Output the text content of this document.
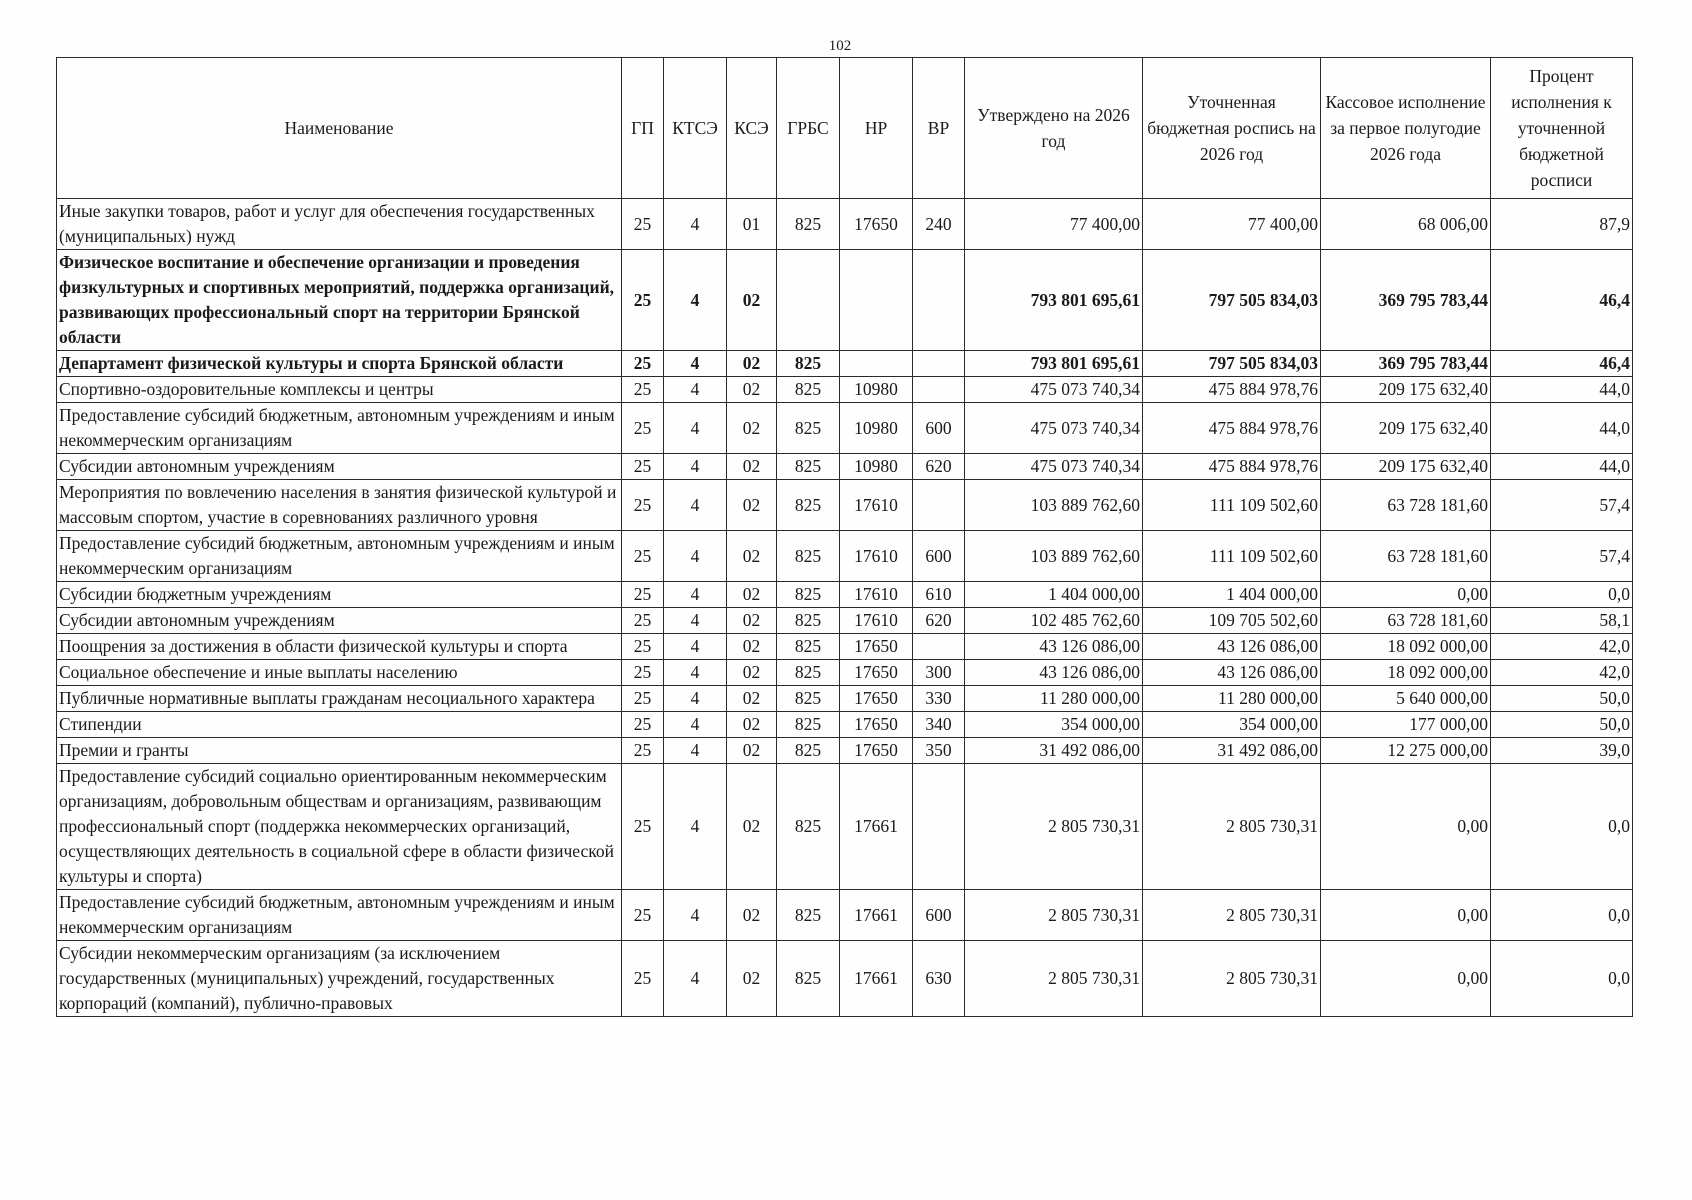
102
Наименование	ГП	КТСЭ	КСЭ	ГРБС	НР	ВР	Утверждено на 2026 год	Уточненная бюджетная роспись на 2026 год	Кассовое исполнение за первое полугодие 2026 года	Процент исполнения к уточненной бюджетной росписи
Иные закупки товаров, работ и услуг для обеспечения государственных (муниципальных) нужд	25	4	01	825	17650	240	77 400,00	77 400,00	68 006,00	87,9
Физическое воспитание и обеспечение организации и проведения физкультурных и спортивных мероприятий, поддержка организаций, развивающих профессиональный спорт на территории Брянской области	25	4	02				793 801 695,61	797 505 834,03	369 795 783,44	46,4
Департамент физической культуры и спорта Брянской области	25	4	02	825			793 801 695,61	797 505 834,03	369 795 783,44	46,4
Спортивно-оздоровительные комплексы и центры	25	4	02	825	10980		475 073 740,34	475 884 978,76	209 175 632,40	44,0
Предоставление субсидий бюджетным, автономным учреждениям и иным некоммерческим организациям	25	4	02	825	10980	600	475 073 740,34	475 884 978,76	209 175 632,40	44,0
Субсидии автономным учреждениям	25	4	02	825	10980	620	475 073 740,34	475 884 978,76	209 175 632,40	44,0
Мероприятия по вовлечению населения в занятия физической культурой и массовым спортом, участие в соревнованиях различного уровня	25	4	02	825	17610		103 889 762,60	111 109 502,60	63 728 181,60	57,4
Предоставление субсидий бюджетным, автономным учреждениям и иным некоммерческим организациям	25	4	02	825	17610	600	103 889 762,60	111 109 502,60	63 728 181,60	57,4
Субсидии бюджетным учреждениям	25	4	02	825	17610	610	1 404 000,00	1 404 000,00	0,00	0,0
Субсидии автономным учреждениям	25	4	02	825	17610	620	102 485 762,60	109 705 502,60	63 728 181,60	58,1
Поощрения за достижения в области физической культуры и спорта	25	4	02	825	17650		43 126 086,00	43 126 086,00	18 092 000,00	42,0
Социальное обеспечение и иные выплаты населению	25	4	02	825	17650	300	43 126 086,00	43 126 086,00	18 092 000,00	42,0
Публичные нормативные выплаты гражданам несоциального характера	25	4	02	825	17650	330	11 280 000,00	11 280 000,00	5 640 000,00	50,0
Стипендии	25	4	02	825	17650	340	354 000,00	354 000,00	177 000,00	50,0
Премии и гранты	25	4	02	825	17650	350	31 492 086,00	31 492 086,00	12 275 000,00	39,0
Предоставление субсидий социально ориентированным некоммерческим организациям, добровольным обществам и организациям, развивающим профессиональный спорт (поддержка некоммерческих организаций, осуществляющих деятельность в социальной сфере в области физической культуры и спорта)	25	4	02	825	17661		2 805 730,31	2 805 730,31	0,00	0,0
Предоставление субсидий бюджетным, автономным учреждениям и иным некоммерческим организациям	25	4	02	825	17661	600	2 805 730,31	2 805 730,31	0,00	0,0
Субсидии некоммерческим организациям (за исключением государственных (муниципальных) учреждений, государственных корпораций (компаний), публично-правовых	25	4	02	825	17661	630	2 805 730,31	2 805 730,31	0,00	0,0
